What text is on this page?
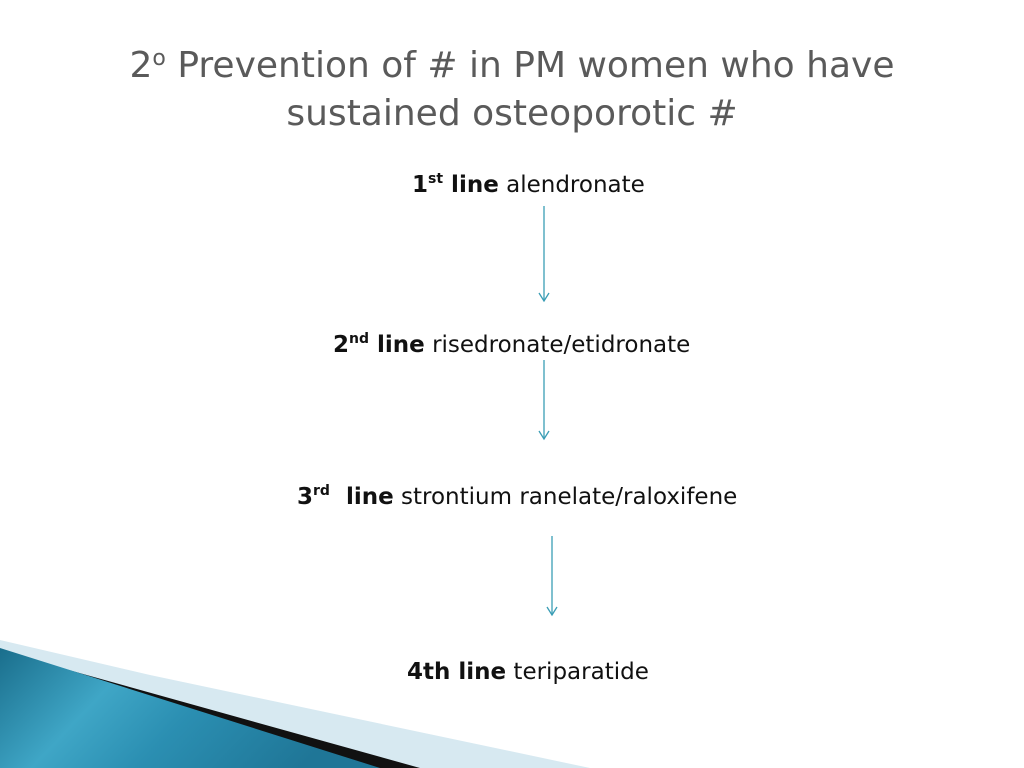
2$^o$ Prevention of # in PM women who have sustained osteoporotic #
1st line alendronate
2nd line risedronate/etidronate
3rd  line strontium ranelate/raloxifene
4th line teriparatide
